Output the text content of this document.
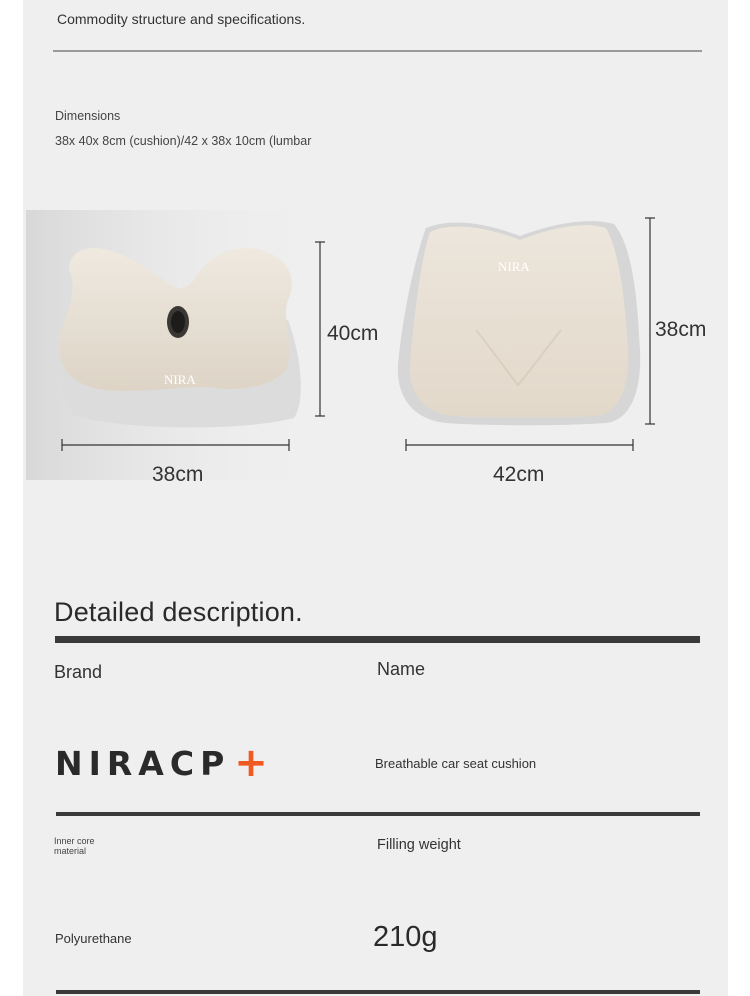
Commodity structure and specifications.
Dimensions
38x 40x 8cm (cushion)/42 x 38x 10cm (lumbar
NIRA
NIRA
40cm
38cm
38cm
42cm
Detailed description.
Brand	Name
NIRACP +	Breathable car seat cushion
Inner core
material	Filling weight
Polyurethane	210g
